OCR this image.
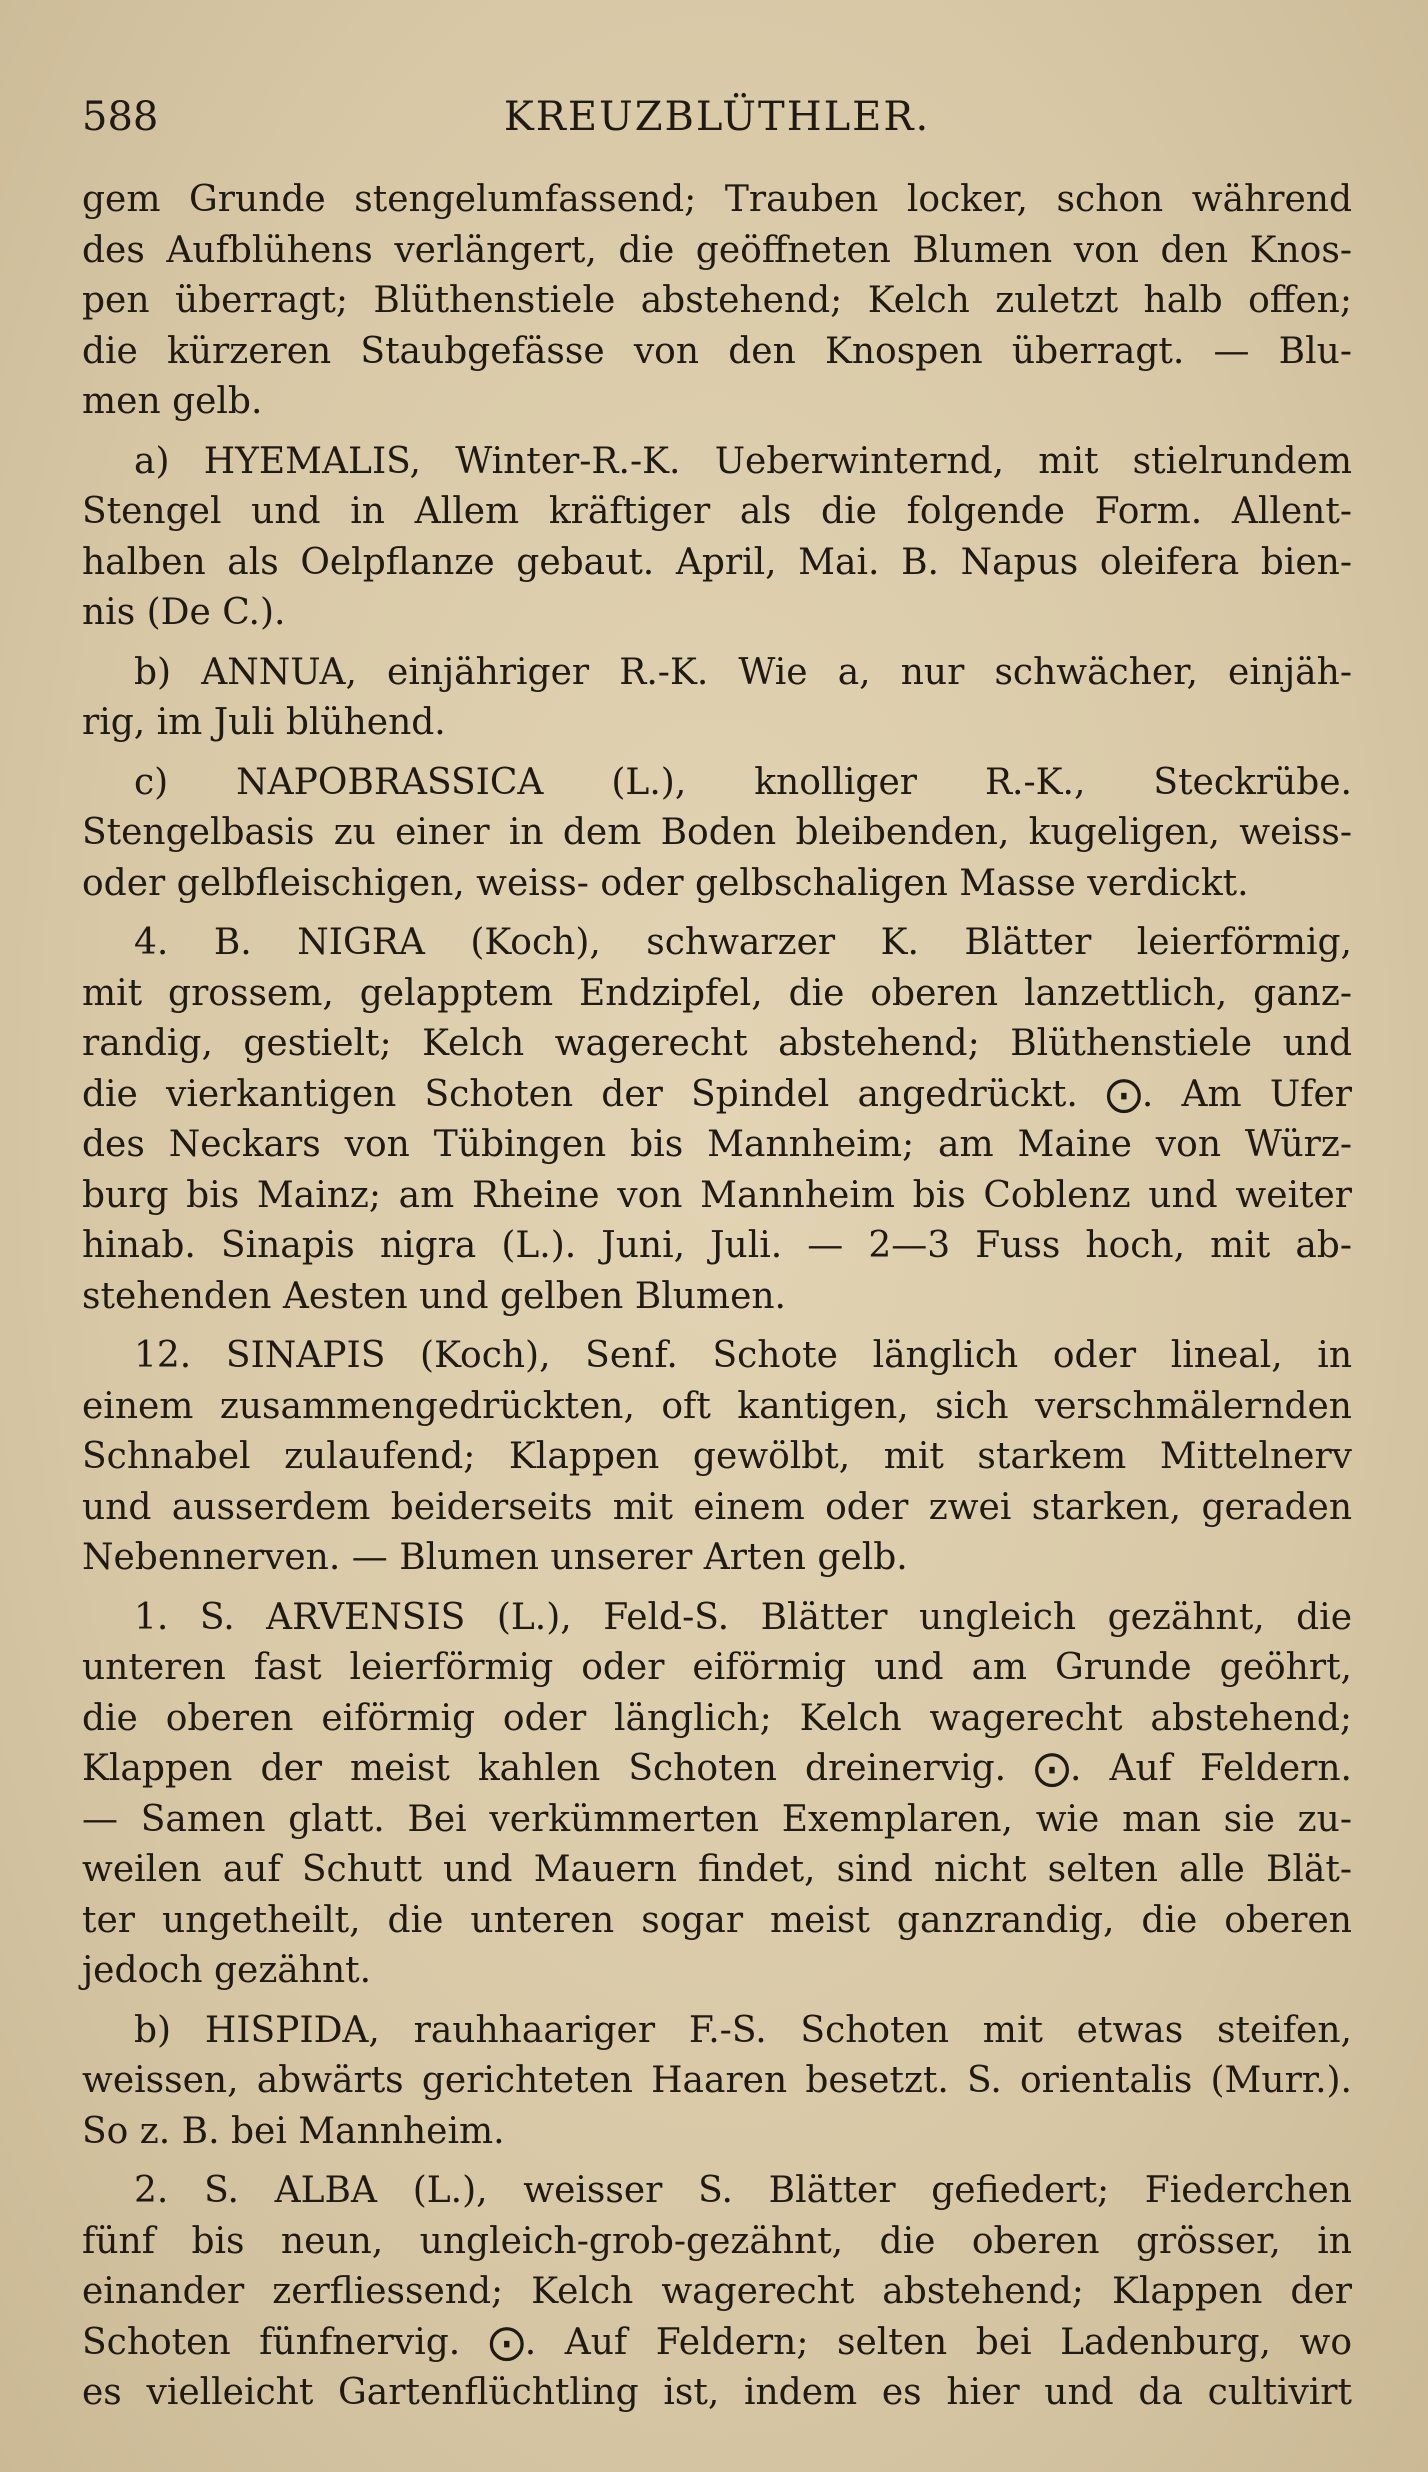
588	KREUZBLÜTHLER.
gem Grunde stengelumfassend; Trauben locker, schon während
des Aufblühens verlängert, die geöffneten Blumen von den Knos-
pen überragt; Blüthenstiele abstehend; Kelch zuletzt halb offen;
die kürzeren Staubgefässe von den Knospen überragt. — Blu-
men gelb.
a) HYEMALIS, Winter-R.-K. Ueberwinternd, mit stielrundem
Stengel und in Allem kräftiger als die folgende Form. Allent-
halben als Oelpflanze gebaut. April, Mai. B. Napus oleifera bien-
nis (De C.).
b) ANNUA, einjähriger R.-K. Wie a, nur schwächer, einjäh-
rig, im Juli blühend.
c) NAPOBRASSICA (L.), knolliger R.-K., Steckrübe.
Stengelbasis zu einer in dem Boden bleibenden, kugeligen, weiss-
oder gelbfleischigen, weiss- oder gelbschaligen Masse verdickt.
4. B. NIGRA (Koch), schwarzer K. Blätter leierförmig,
mit grossem, gelapptem Endzipfel, die oberen lanzettlich, ganz-
randig, gestielt; Kelch wagerecht abstehend; Blüthenstiele und
die vierkantigen Schoten der Spindel angedrückt. ⨀. Am Ufer
des Neckars von Tübingen bis Mannheim; am Maine von Würz-
burg bis Mainz; am Rheine von Mannheim bis Coblenz und weiter
hinab. Sinapis nigra (L.). Juni, Juli. — 2—3 Fuss hoch, mit ab-
stehenden Aesten und gelben Blumen.
12. SINAPIS (Koch), Senf. Schote länglich oder lineal, in
einem zusammengedrückten, oft kantigen, sich verschmälernden
Schnabel zulaufend; Klappen gewölbt, mit starkem Mittelnerv
und ausserdem beiderseits mit einem oder zwei starken, geraden
Nebennerven. — Blumen unserer Arten gelb.
1. S. ARVENSIS (L.), Feld-S. Blätter ungleich gezähnt, die
unteren fast leierförmig oder eiförmig und am Grunde geöhrt,
die oberen eiförmig oder länglich; Kelch wagerecht abstehend;
Klappen der meist kahlen Schoten dreinervig. ⨀. Auf Feldern.
— Samen glatt. Bei verkümmerten Exemplaren, wie man sie zu-
weilen auf Schutt und Mauern findet, sind nicht selten alle Blät-
ter ungetheilt, die unteren sogar meist ganzrandig, die oberen
jedoch gezähnt.
b) HISPIDA, rauhhaariger F.-S. Schoten mit etwas steifen,
weissen, abwärts gerichteten Haaren besetzt. S. orientalis (Murr.).
So z. B. bei Mannheim.
2. S. ALBA (L.), weisser S. Blätter gefiedert; Fiederchen
fünf bis neun, ungleich-grob-gezähnt, die oberen grösser, in
einander zerfliessend; Kelch wagerecht abstehend; Klappen der
Schoten fünfnervig. ⨀. Auf Feldern; selten bei Ladenburg, wo
es vielleicht Gartenflüchtling ist, indem es hier und da cultivirt
